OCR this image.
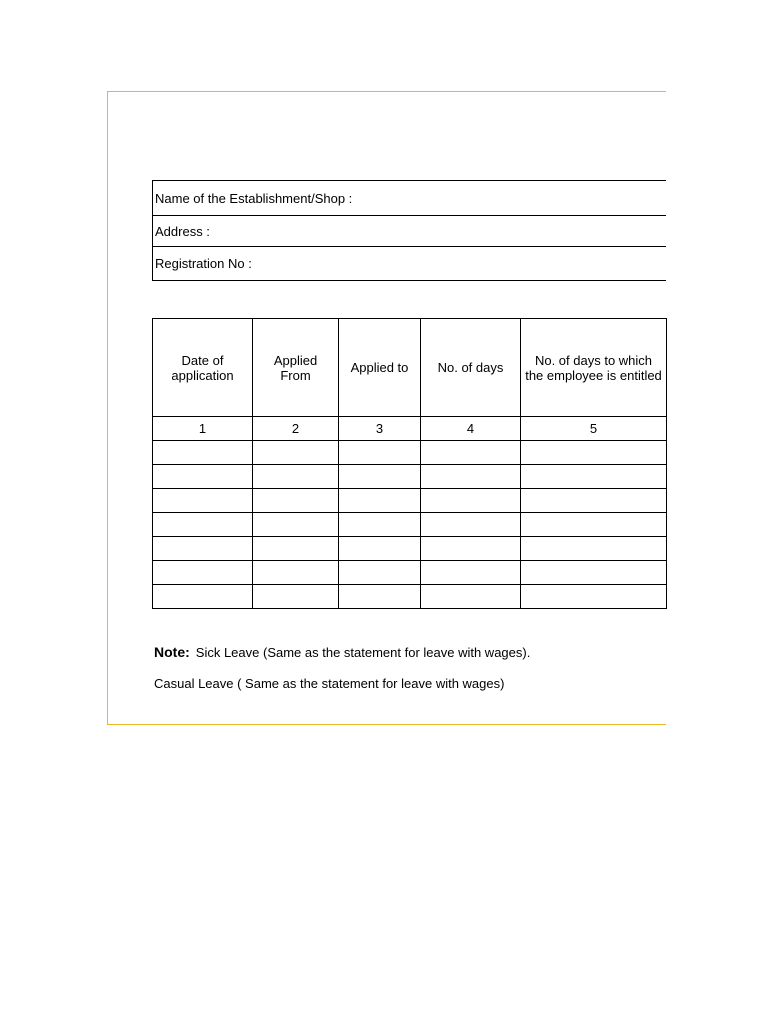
Name of the Establishment/Shop :
Address :
Registration No :
Date of application	Applied From	Applied to	No. of days	No. of days to which the employee is entitled
1	2	3	4	5

Note: Sick Leave (Same as the statement for leave with wages).
Casual Leave ( Same as the statement for leave with wages)
